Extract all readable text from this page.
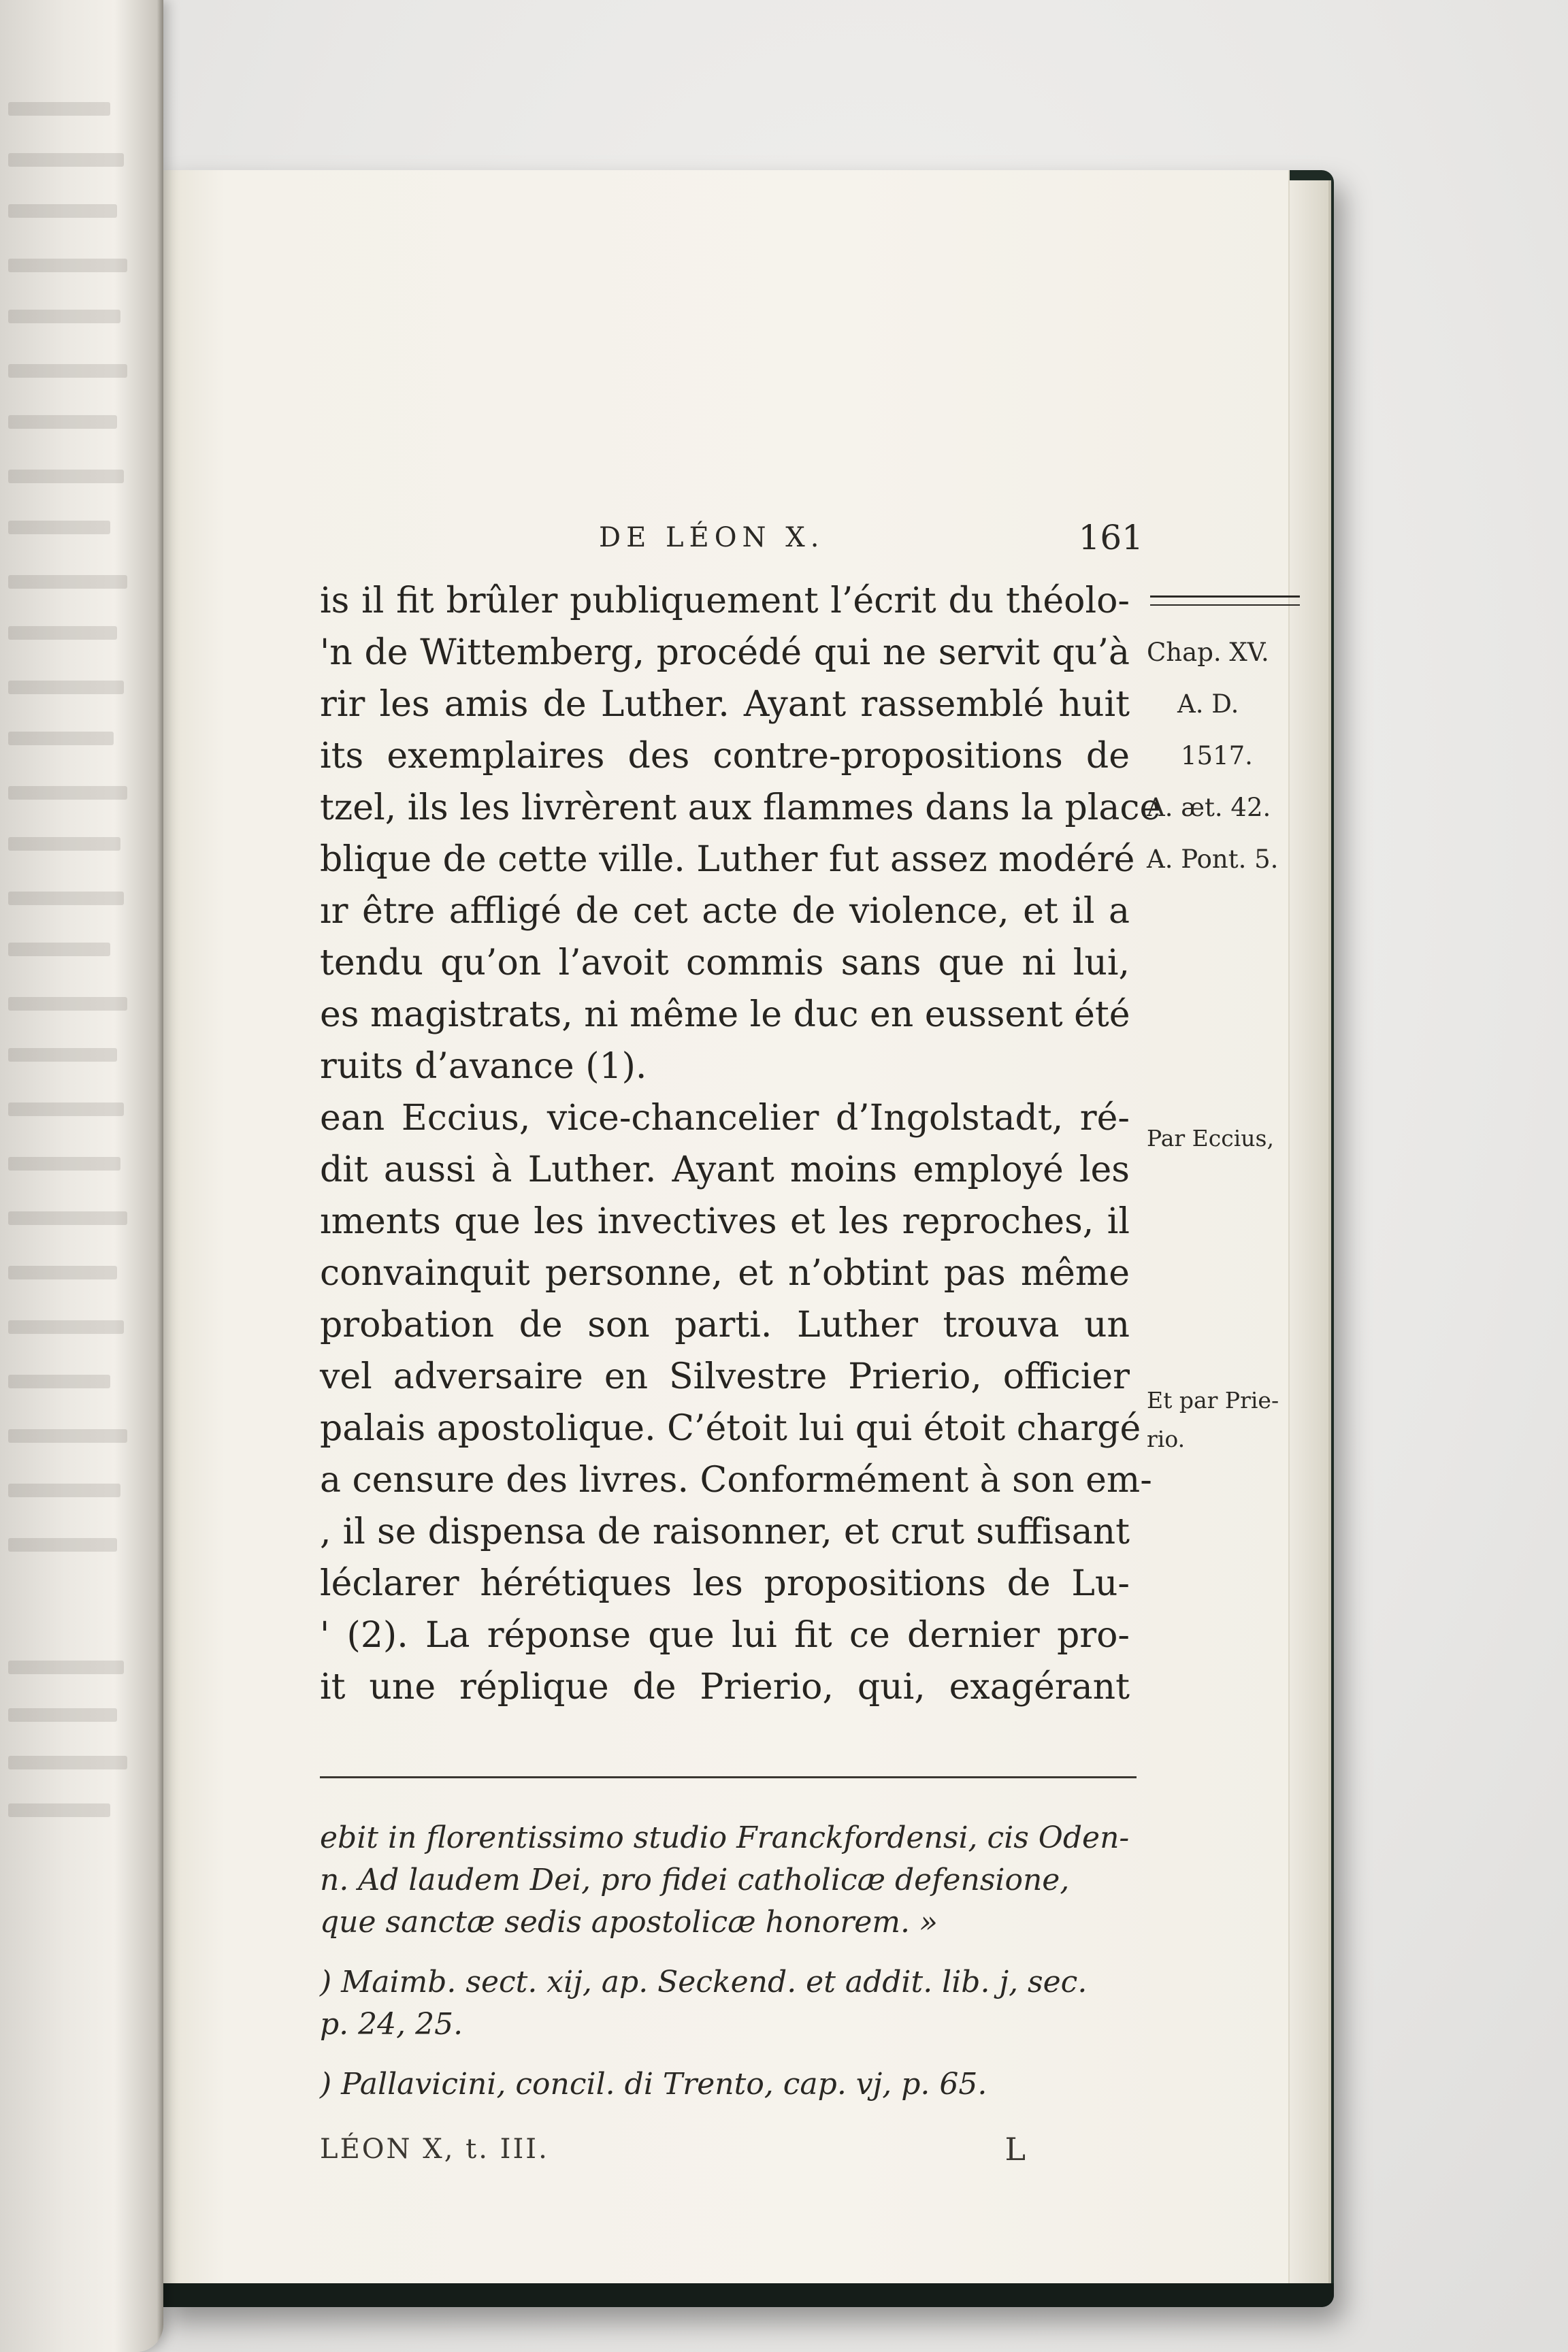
DE LÉON X.	161
is il fit brûler publiquement l’écrit du théolo-
'n de Wittemberg, procédé qui ne servit qu’à
rir les amis de Luther. Ayant rassemblé huit
its exemplaires des contre-propositions de
tzel, ils les livrèrent aux flammes dans la place
blique de cette ville. Luther fut assez modéré
ır être affligé de cet acte de violence, et il a
tendu qu’on l’avoit commis sans que ni lui,
es magistrats, ni même le duc en eussent été
ruits d’avance (1).
ean Eccius, vice-chancelier d’Ingolstadt, ré-
dit aussi à Luther. Ayant moins employé les
ıments que les invectives et les reproches, il
convainquit personne, et n’obtint pas même
probation de son parti. Luther trouva un
vel adversaire en Silvestre Prierio, officier
palais apostolique. C’étoit lui qui étoit chargé
a censure des livres. Conformément à son em-
, il se dispensa de raisonner, et crut suffisant
léclarer hérétiques les propositions de Lu-
' (2). La réponse que lui fit ce dernier pro-
it une réplique de Prierio, qui, exagérant
Chap. XV.
A. D.
1517.
A. æt. 42.
A. Pont. 5.
Par Eccius,
Et par Prie-
rio.
ebit in florentissimo studio Franckfordensi, cis Oden-
n. Ad laudem Dei, pro fidei catholicæ defensione,
que sanctæ sedis apostolicæ honorem. »
) Maimb. sect. xij, ap. Seckend. et addit. lib. j, sec.
p. 24, 25.
) Pallavicini, concil. di Trento, cap. vj, p. 65.
LÉON X, t. III.	L
